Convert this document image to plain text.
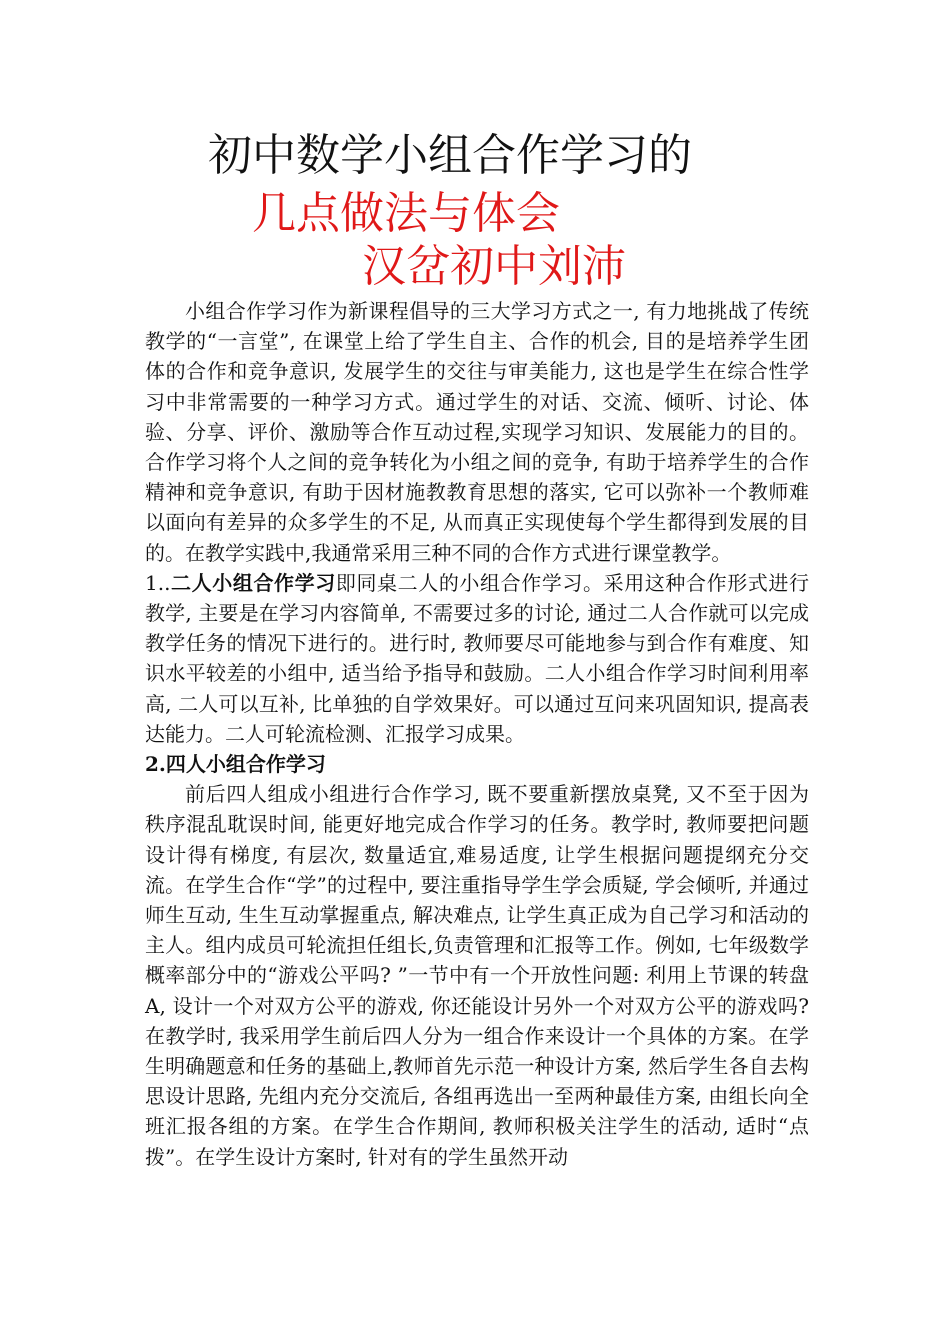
初中数学小组合作学习的
几点做法与体会
汉岔初中刘沛

小组合作学习作为新课程倡导的三大学习方式之一, 有力地挑战了传统教学的“一言堂”, 在课堂上给了学生自主、合作的机会, 目的是培养学生团体的合作和竞争意识, 发展学生的交往与审美能力, 这也是学生在综合性学习中非常需要的一种学习方式。通过学生的对话、交流、倾听、讨论、体验、分享、评价、激励等合作互动过程,实现学习知识、发展能力的目的。合作学习将个人之间的竞争转化为小组之间的竞争, 有助于培养学生的合作精神和竞争意识, 有助于因材施教教育思想的落实, 它可以弥补一个教师难以面向有差异的众多学生的不足, 从而真正实现使每个学生都得到发展的目的。在教学实践中,我通常采用三种不同的合作方式进行课堂教学。

1..二人小组合作学习即同桌二人的小组合作学习。采用这种合作形式进行教学, 主要是在学习内容简单, 不需要过多的讨论, 通过二人合作就可以完成教学任务的情况下进行的。进行时, 教师要尽可能地参与到合作有难度、知识水平较差的小组中, 适当给予指导和鼓励。二人小组合作学习时间利用率高, 二人可以互补, 比单独的自学效果好。可以通过互问来巩固知识, 提高表达能力。二人可轮流检测、汇报学习成果。

2.四人小组合作学习

前后四人组成小组进行合作学习, 既不要重新摆放桌凳, 又不至于因为秩序混乱耽误时间, 能更好地完成合作学习的任务。教学时, 教师要把问题设计得有梯度, 有层次, 数量适宜,难易适度, 让学生根据问题提纲充分交流。在学生合作“学”的过程中, 要注重指导学生学会质疑, 学会倾听, 并通过师生互动, 生生互动掌握重点, 解决难点, 让学生真正成为自己学习和活动的主人。组内成员可轮流担任组长,负责管理和汇报等工作。例如, 七年级数学概率部分中的“游戏公平吗? ”一节中有一个开放性问题: 利用上节课的转盘A, 设计一个对双方公平的游戏, 你还能设计另外一个对双方公平的游戏吗?在教学时, 我采用学生前后四人分为一组合作来设计一个具体的方案。在学生明确题意和任务的基础上,教师首先示范一种设计方案, 然后学生各自去构思设计思路, 先组内充分交流后, 各组再选出一至两种最佳方案, 由组长向全班汇报各组的方案。在学生合作期间, 教师积极关注学生的活动, 适时“点拨”。在学生设计方案时, 针对有的学生虽然开动
